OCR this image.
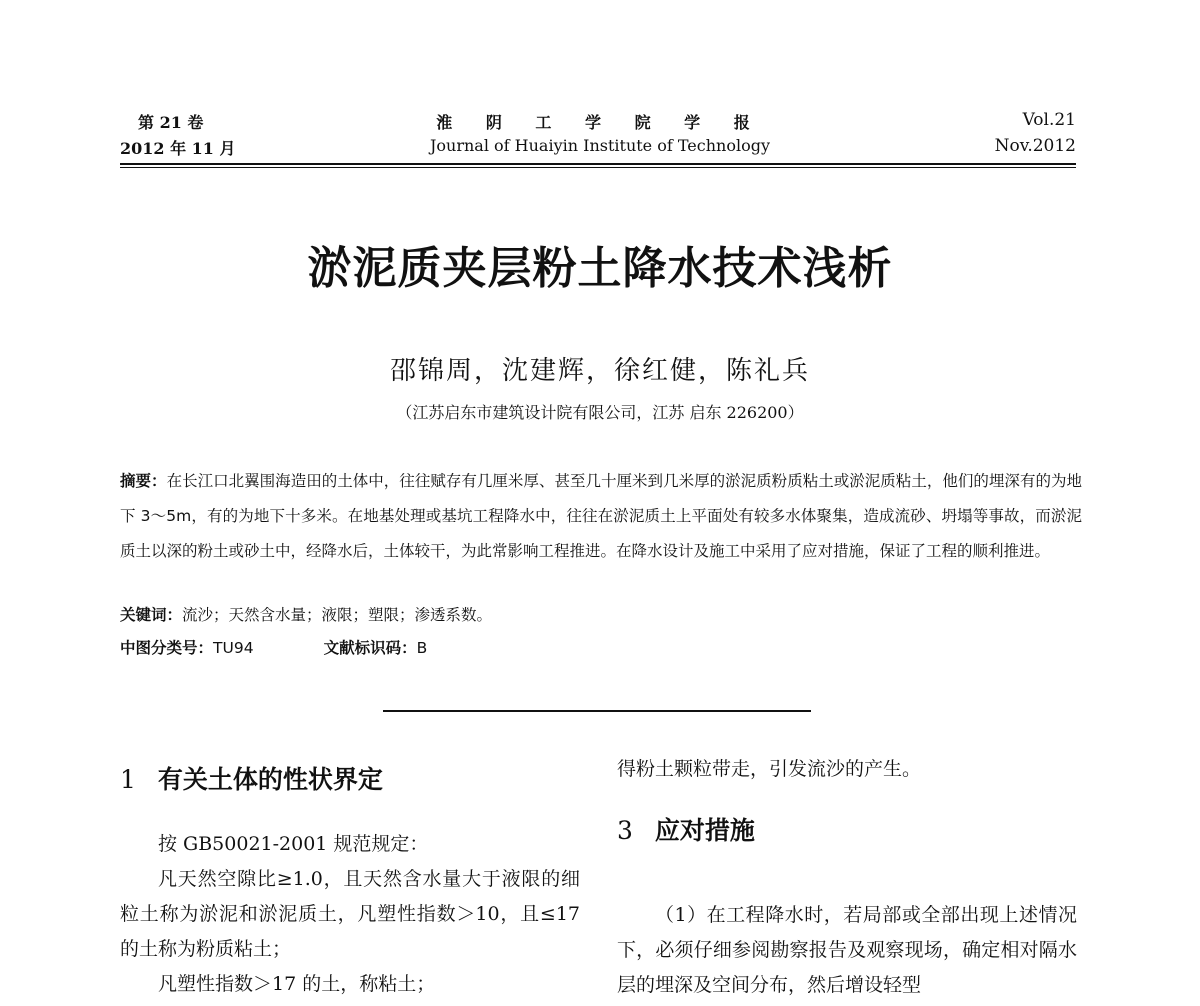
第 21 卷
2012 年 11 月
淮 阴 工 学 院 学 报
Journal of Huaiyin Institute of Technology
Vol.21
Nov.2012
淤泥质夹层粉土降水技术浅析
邵锦周，沈建辉，徐红健，陈礼兵
（江苏启东市建筑设计院有限公司，江苏 启东 226200）
摘要：在长江口北翼围海造田的土体中，往往赋存有几厘米厚、甚至几十厘米到几米厚的淤泥质粉质粘土或淤泥质粘土，他们的埋深有的为地下 3～5m，有的为地下十多米。在地基处理或基坑工程降水中，往往在淤泥质土上平面处有较多水体聚集，造成流砂、坍塌等事故，而淤泥质土以深的粉土或砂土中，经降水后，土体较干，为此常影响工程推进。在降水设计及施工中采用了应对措施，保证了工程的顺利推进。
关键词：流沙；天然含水量；液限；塑限；渗透系数。
中图分类号：TU94	文献标识码：B
1 有关土体的性状界定

按 GB50021-2001 规范规定：

凡天然空隙比≥1.0，且天然含水量大于液限的细粒土称为淤泥和淤泥质土，凡塑性指数＞10，且≤17 的土称为粉质粘土；

凡塑性指数＞17 的土，称粘土；

得粉土颗粒带走，引发流沙的产生。

3 应对措施

（1）在工程降水时，若局部或全部出现上述情况下，必须仔细参阅勘察报告及观察现场，确定相对隔水层的埋深及空间分布，然后增设轻型
